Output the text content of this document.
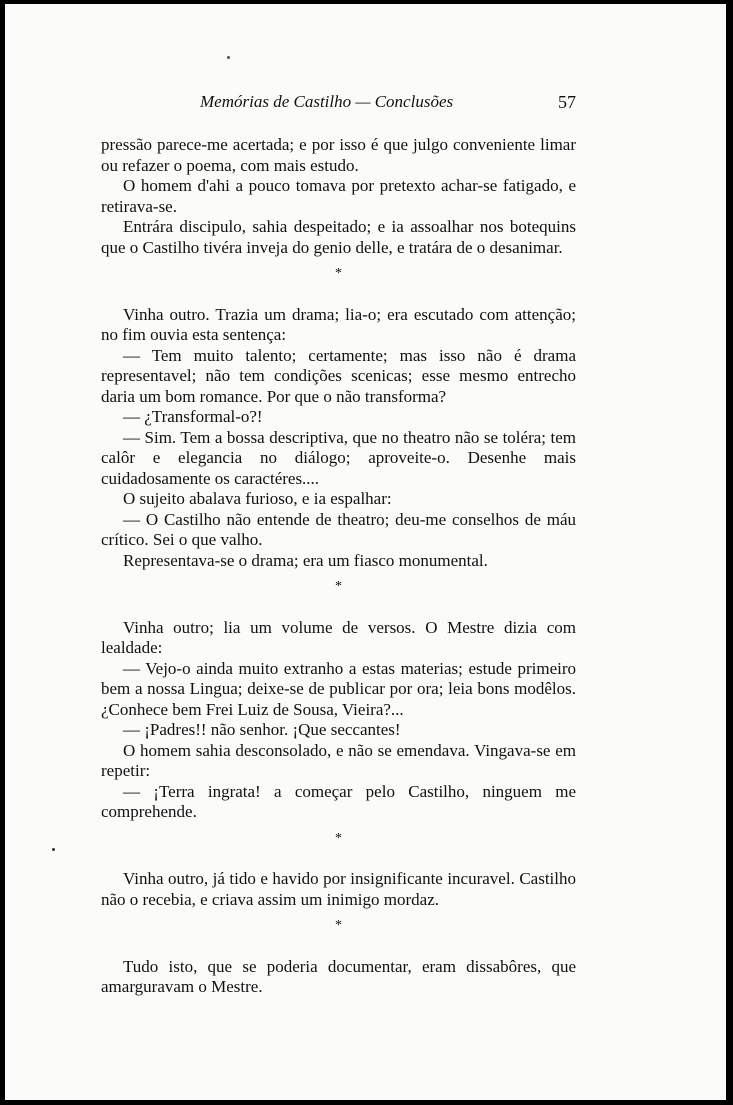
Memórias de Castilho — Conclusões	57

pressão parece-me acertada; e por isso é que julgo conveniente limar ou refazer o poema, com mais estudo.

O homem d'ahi a pouco tomava por pretexto achar-se fatigado, e retirava-se.

Entrára discipulo, sahia despeitado; e ia assoalhar nos botequins que o Castilho tivéra inveja do genio delle, e tratára de o desanimar.

*

Vinha outro. Trazia um drama; lia-o; era escutado com attenção; no fim ouvia esta sentença:

— Tem muito talento; certamente; mas isso não é drama representavel; não tem condições scenicas; esse mesmo entrecho daria um bom romance. Por que o não transforma?

— ¿Transformal-o?!

— Sim. Tem a bossa descriptiva, que no theatro não se toléra; tem calôr e elegancia no diálogo; aproveite-o. Desenhe mais cuidadosamente os caractéres....

O sujeito abalava furioso, e ia espalhar:

— O Castilho não entende de theatro; deu-me conselhos de máu crítico. Sei o que valho.

Representava-se o drama; era um fiasco monumental.

*

Vinha outro; lia um volume de versos. O Mestre dizia com lealdade:

— Vejo-o ainda muito extranho a estas materias; estude primeiro bem a nossa Lingua; deixe-se de publicar por ora; leia bons modêlos. ¿Conhece bem Frei Luiz de Sousa, Vieira?...

— ¡Padres!! não senhor. ¡Que seccantes!

O homem sahia desconsolado, e não se emendava. Vingava-se em repetir:

— ¡Terra ingrata! a começar pelo Castilho, ninguem me comprehende.

*

Vinha outro, já tido e havido por insignificante incuravel. Castilho não o recebia, e criava assim um inimigo mordaz.

*

Tudo isto, que se poderia documentar, eram dissabôres, que amarguravam o Mestre.
